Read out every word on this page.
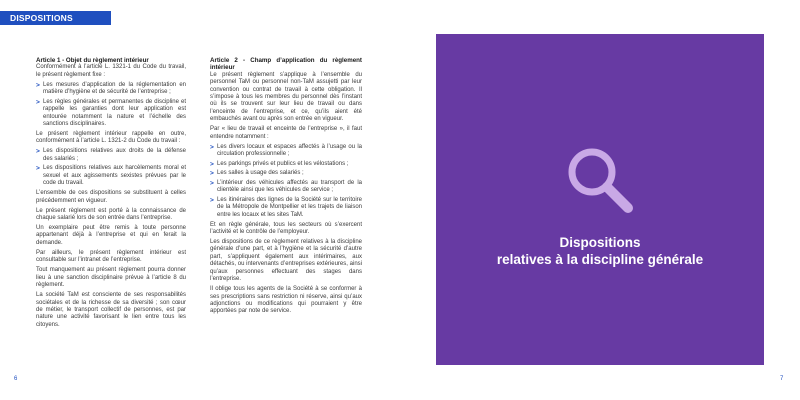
DISPOSITIONS GÉNÉRALES

Article 1 - Objet du règlement intérieur

Conformément à l’article L. 1321-1 du Code du travail, le présent règlement fixe :

> Les mesures d’application de la réglementation en matière d’hygiène et de sécurité de l’entreprise ;
> Les règles générales et permanentes de discipline et rappelle les garanties dont leur application est entourée notamment la nature et l’échelle des sanctions disciplinaires.

Le présent règlement intérieur rappelle en outre, conformément à l’article L. 1321-2 du Code du travail :

> Les dispositions relatives aux droits de la défense des salariés ;
> Les dispositions relatives aux harcèlements moral et sexuel et aux agissements sexistes prévues par le code du travail.

L’ensemble de ces dispositions se substituent à celles précédemment en vigueur.

Le présent règlement est porté à la connaissance de chaque salarié lors de son entrée dans l’entreprise.

Un exemplaire peut être remis à toute personne appartenant déjà à l’entreprise et qui en ferait la demande.

Par ailleurs, le présent règlement intérieur est consultable sur l’intranet de l’entreprise.

Tout manquement au présent règlement pourra donner lieu à une sanction disciplinaire prévue à l’article 8 du règlement.

La société TaM est consciente de ses responsabilités sociétales et de la richesse de sa diversité ; son cœur de métier, le transport collectif de personnes, est par nature une activité favorisant le lien entre tous les citoyens.

Article 2 - Champ d’application du règlement intérieur

Le présent règlement s’applique à l’ensemble du personnel TaM ou personnel non-TaM assujetti par leur convention ou contrat de travail à cette obligation. Il s’impose à tous les membres du personnel dès l’instant où ils se trouvent sur leur lieu de travail ou dans l’enceinte de l’entreprise, et ce, qu’ils aient été embauchés avant ou après son entrée en vigueur.

Par « lieu de travail et enceinte de l’entreprise », il faut entendre notamment :

> Les divers locaux et espaces affectés à l’usage ou la circulation professionnelle ;
> Les parkings privés et publics et les vélostations ;
> Les salles à usage des salariés ;
> L’intérieur des véhicules affectés au transport de la clientèle ainsi que les véhicules de service ;
> Les itinéraires des lignes de la Société sur le territoire de la Métropole de Montpellier et les trajets de liaison entre les locaux et les sites TaM.

Et en règle générale, tous les secteurs où s’exercent l’activité et le contrôle de l’employeur.

Les dispositions de ce règlement relatives à la discipline générale d’une part, et à l’hygiène et la sécurité d’autre part, s’appliquent également aux intérimaires, aux détachés, ou intervenants d’entreprises extérieures, ainsi qu’aux personnes effectuant des stages dans l’entreprise.

Il oblige tous les agents de la Société à se conformer à ses prescriptions sans restriction ni réserve, ainsi qu’aux adjonctions ou modifications qui pourraient y être apportées par note de service.

Dispositions
relatives à la discipline générale
6	7
